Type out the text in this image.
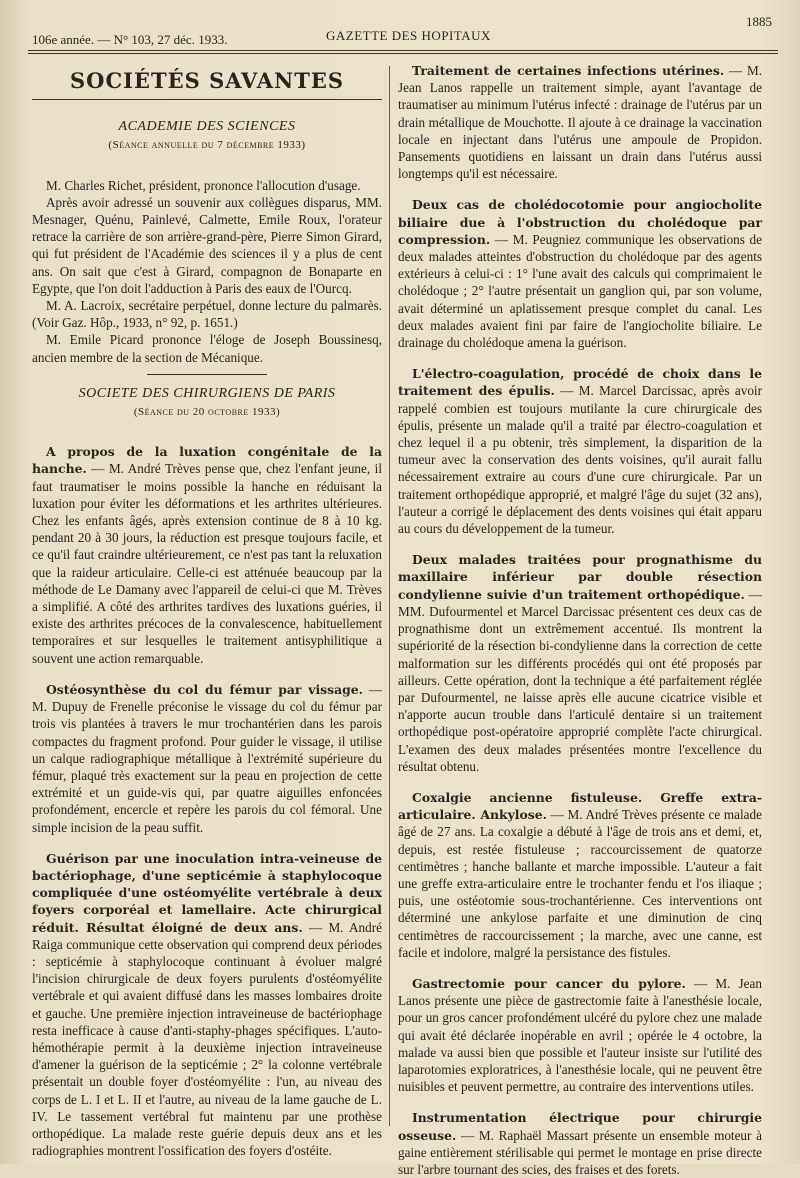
106e année. — N° 103, 27 déc. 1933.	GAZETTE DES HOPITAUX
1885
SOCIÉTÉS SAVANTES
ACADEMIE DES SCIENCES
(Séance annuelle du 7 décembre 1933)

M. Charles Richet, président, prononce l'allocution d'usage.

Après avoir adressé un souvenir aux collègues disparus, MM. Mesnager, Quénu, Painlevé, Calmette, Emile Roux, l'orateur retrace la carrière de son arrière-grand-père, Pierre Simon Girard, qui fut président de l'Académie des sciences il y a plus de cent ans. On sait que c'est à Girard, compagnon de Bonaparte en Egypte, que l'on doit l'adduction à Paris des eaux de l'Ourcq.

M. A. Lacroix, secrétaire perpétuel, donne lecture du palmarès. (Voir Gaz. Hôp., 1933, n° 92, p. 1651.)

M. Emile Picard prononce l'éloge de Joseph Boussinesq, ancien membre de la section de Mécanique.

SOCIETE DES CHIRURGIENS DE PARIS
(Séance du 20 octobre 1933)

A propos de la luxation congénitale de la hanche. — M. André Trèves pense que, chez l'enfant jeune, il faut traumatiser le moins possible la hanche en réduisant la luxation pour éviter les déformations et les arthrites ultérieures. Chez les enfants âgés, après extension continue de 8 à 10 kg. pendant 20 à 30 jours, la réduction est presque toujours facile, et ce qu'il faut craindre ultérieurement, ce n'est pas tant la reluxation que la raideur articulaire. Celle-ci est atténuée beaucoup par la méthode de Le Damany avec l'appareil de celui-ci que M. Trèves a simplifié. A côté des arthrites tardives des luxations guéries, il existe des arthrites précoces de la convalescence, habituellement temporaires et sur lesquelles le traitement antisyphilitique a souvent une action remarquable.

Ostéosynthèse du col du fémur par vissage. — M. Dupuy de Frenelle préconise le vissage du col du fémur par trois vis plantées à travers le mur trochantérien dans les parois compactes du fragment profond. Pour guider le vissage, il utilise un calque radiographique métallique à l'extrémité supérieure du fémur, plaqué très exactement sur la peau en projection de cette extrémité et un guide-vis qui, par quatre aiguilles enfoncées profondément, encercle et repère les parois du col fémoral. Une simple incision de la peau suffit.

Guérison par une inoculation intra-veineuse de bactériophage, d'une septicémie à staphylocoque compliquée d'une ostéomyélite vertébrale à deux foyers corporéal et lamellaire. Acte chirurgical réduit. Résultat éloigné de deux ans. — M. André Raiga communique cette observation qui comprend deux périodes : septicémie à staphylocoque continuant à évoluer malgré l'incision chirurgicale de deux foyers purulents d'ostéomyélite vertébrale et qui avaient diffusé dans les masses lombaires droite et gauche. Une première injection intraveineuse de bactériophage resta inefficace à cause d'anti-staphy-phages spécifiques. L'auto-hémothérapie permit à la deuxième injection intraveineuse d'amener la guérison de la septicémie ; 2° la colonne vertébrale présentait un double foyer d'ostéomyélite : l'un, au niveau des corps de L. I et L. II et l'autre, au niveau de la lame gauche de L. IV. Le tassement vertébral fut maintenu par une prothèse orthopédique. La malade reste guérie depuis deux ans et les radiographies montrent l'ossification des foyers d'ostéite.

Traitement de certaines infections utérines. — M. Jean Lanos rappelle un traitement simple, ayant l'avantage de traumatiser au minimum l'utérus infecté : drainage de l'utérus par un drain métallique de Mouchotte. Il ajoute à ce drainage la vaccination locale en injectant dans l'utérus une ampoule de Propidon. Pansements quotidiens en laissant un drain dans l'utérus aussi longtemps qu'il est nécessaire.

Deux cas de cholédocotomie pour angiocholite biliaire due à l'obstruction du cholédoque par compression. — M. Peugniez communique les observations de deux malades atteintes d'obstruction du cholédoque par des agents extérieurs à celui-ci : 1° l'une avait des calculs qui comprimaient le cholédoque ; 2° l'autre présentait un ganglion qui, par son volume, avait déterminé un aplatissement presque complet du canal. Les deux malades avaient fini par faire de l'angiocholite biliaire. Le drainage du cholédoque amena la guérison.

L'électro-coagulation, procédé de choix dans le traitement des épulis. — M. Marcel Darcissac, après avoir rappelé combien est toujours mutilante la cure chirurgicale des épulis, présente un malade qu'il a traité par électro-coagulation et chez lequel il a pu obtenir, très simplement, la disparition de la tumeur avec la conservation des dents voisines, qu'il aurait fallu nécessairement extraire au cours d'une cure chirurgicale. Par un traitement orthopédique approprié, et malgré l'âge du sujet (32 ans), l'auteur a corrigé le déplacement des dents voisines qui était apparu au cours du développement de la tumeur.

Deux malades traitées pour prognathisme du maxillaire inférieur par double résection condylienne suivie d'un traitement orthopédique. — MM. Dufourmentel et Marcel Darcissac présentent ces deux cas de prognathisme dont un extrêmement accentué. Ils montrent la supériorité de la résection bi-condylienne dans la correction de cette malformation sur les différents procédés qui ont été proposés par ailleurs. Cette opération, dont la technique a été parfaitement réglée par Dufourmentel, ne laisse après elle aucune cicatrice visible et n'apporte aucun trouble dans l'articulé dentaire si un traitement orthopédique post-opératoire approprié complète l'acte chirurgical. L'examen des deux malades présentées montre l'excellence du résultat obtenu.

Coxalgie ancienne fistuleuse. Greffe extra-articulaire. Ankylose. — M. André Trèves présente ce malade âgé de 27 ans. La coxalgie a débuté à l'âge de trois ans et demi, et, depuis, est restée fistuleuse ; raccourcissement de quatorze centimètres ; hanche ballante et marche impossible. L'auteur a fait une greffe extra-articulaire entre le trochanter fendu et l'os iliaque ; puis, une ostéotomie sous-trochantérienne. Ces interventions ont déterminé une ankylose parfaite et une diminution de cinq centimètres de raccourcissement ; la marche, avec une canne, est facile et indolore, malgré la persistance des fistules.

Gastrectomie pour cancer du pylore. — M. Jean Lanos présente une pièce de gastrectomie faite à l'anesthésie locale, pour un gros cancer profondément ulcéré du pylore chez une malade qui avait été déclarée inopérable en avril ; opérée le 4 octobre, la malade va aussi bien que possible et l'auteur insiste sur l'utilité des laparotomies exploratrices, à l'anesthésie locale, qui ne peuvent être nuisibles et peuvent permettre, au contraire des interventions utiles.

Instrumentation électrique pour chirurgie osseuse. — M. Raphaël Massart présente un ensemble moteur à gaine entièrement stérilisable qui permet le montage en prise directe sur l'arbre tournant des scies, des fraises et des forets.
